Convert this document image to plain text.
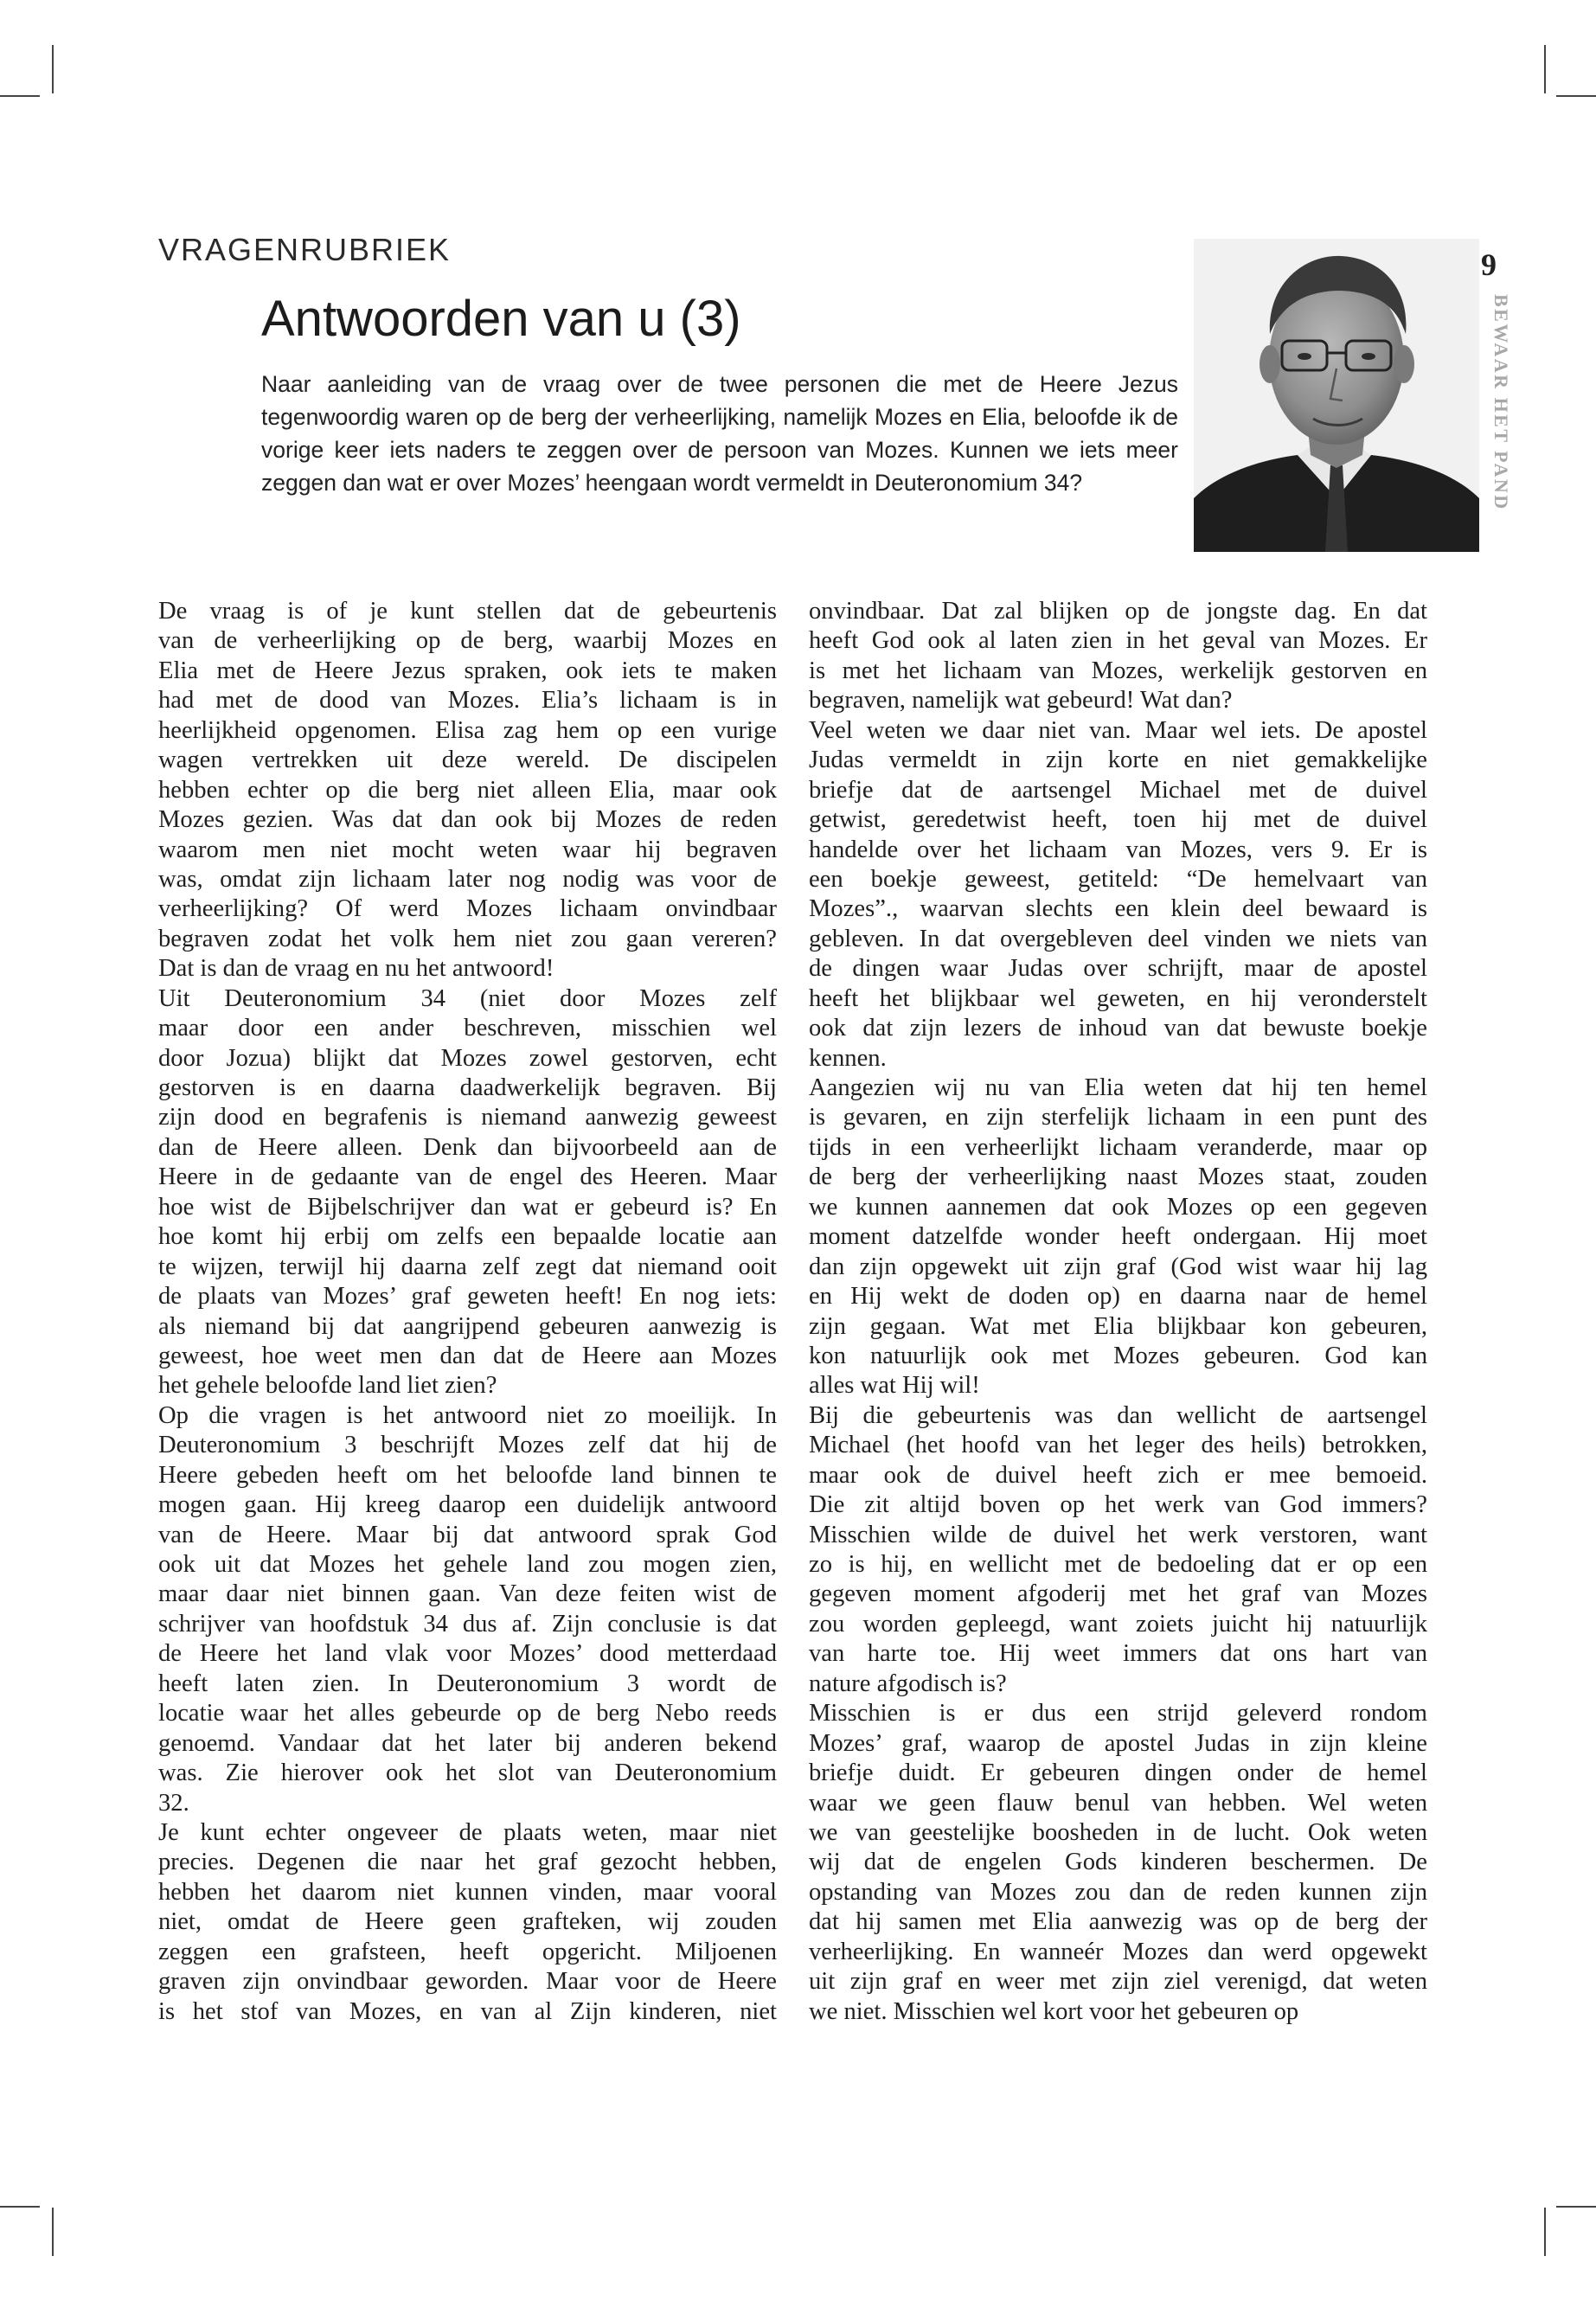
VRAGENRUBRIEK
Antwoorden van u (3)
Naar aanleiding van de vraag over de twee personen die met de Heere Jezus tegenwoordig waren op de berg der verheerlijking, namelijk Mozes en Elia, beloofde ik de vorige keer iets naders te zeggen over de persoon van Mozes. Kunnen we iets meer zeggen dan wat er over Mozes’ heengaan wordt vermeldt in Deuteronomium 34?
9
BEWAAR HET PAND
De vraag is of je kunt stellen dat de gebeurtenis
van de verheerlijking op de berg, waarbij Mozes en
Elia met de Heere Jezus spraken, ook iets te maken
had met de dood van Mozes. Elia’s lichaam is in
heerlijkheid opgenomen. Elisa zag hem op een vurige
wagen vertrekken uit deze wereld. De discipelen
hebben echter op die berg niet alleen Elia, maar ook
Mozes gezien. Was dat dan ook bij Mozes de reden
waarom men niet mocht weten waar hij begraven
was, omdat zijn lichaam later nog nodig was voor de
verheerlijking? Of werd Mozes lichaam onvindbaar
begraven zodat het volk hem niet zou gaan vereren?
Dat is dan de vraag en nu het antwoord!
Uit Deuteronomium 34 (niet door Mozes zelf
maar door een ander beschreven, misschien wel
door Jozua) blijkt dat Mozes zowel gestorven, echt
gestorven is en daarna daadwerkelijk begraven. Bij
zijn dood en begrafenis is niemand aanwezig geweest
dan de Heere alleen. Denk dan bijvoorbeeld aan de
Heere in de gedaante van de engel des Heeren. Maar
hoe wist de Bijbelschrijver dan wat er gebeurd is? En
hoe komt hij erbij om zelfs een bepaalde locatie aan
te wijzen, terwijl hij daarna zelf zegt dat niemand ooit
de plaats van Mozes’ graf geweten heeft! En nog iets:
als niemand bij dat aangrijpend gebeuren aanwezig is
geweest, hoe weet men dan dat de Heere aan Mozes
het gehele beloofde land liet zien?
Op die vragen is het antwoord niet zo moeilijk. In
Deuteronomium 3 beschrijft Mozes zelf dat hij de
Heere gebeden heeft om het beloofde land binnen te
mogen gaan. Hij kreeg daarop een duidelijk antwoord
van de Heere. Maar bij dat antwoord sprak God
ook uit dat Mozes het gehele land zou mogen zien,
maar daar niet binnen gaan. Van deze feiten wist de
schrijver van hoofdstuk 34 dus af. Zijn conclusie is dat
de Heere het land vlak voor Mozes’ dood metterdaad
heeft laten zien. In Deuteronomium 3 wordt de
locatie waar het alles gebeurde op de berg Nebo reeds
genoemd. Vandaar dat het later bij anderen bekend
was. Zie hierover ook het slot van Deuteronomium
32.
Je kunt echter ongeveer de plaats weten, maar niet
precies. Degenen die naar het graf gezocht hebben,
hebben het daarom niet kunnen vinden, maar vooral
niet, omdat de Heere geen grafteken, wij zouden
zeggen een grafsteen, heeft opgericht. Miljoenen
graven zijn onvindbaar geworden. Maar voor de Heere
is het stof van Mozes, en van al Zijn kinderen, niet
onvindbaar. Dat zal blijken op de jongste dag. En dat
heeft God ook al laten zien in het geval van Mozes. Er
is met het lichaam van Mozes, werkelijk gestorven en
begraven, namelijk wat gebeurd! Wat dan?
Veel weten we daar niet van. Maar wel iets. De apostel
Judas vermeldt in zijn korte en niet gemakkelijke
briefje dat de aartsengel Michael met de duivel
getwist, geredetwist heeft, toen hij met de duivel
handelde over het lichaam van Mozes, vers 9. Er is
een boekje geweest, getiteld: “De hemelvaart van
Mozes”., waarvan slechts een klein deel bewaard is
gebleven. In dat overgebleven deel vinden we niets van
de dingen waar Judas over schrijft, maar de apostel
heeft het blijkbaar wel geweten, en hij veronderstelt
ook dat zijn lezers de inhoud van dat bewuste boekje
kennen.
Aangezien wij nu van Elia weten dat hij ten hemel
is gevaren, en zijn sterfelijk lichaam in een punt des
tijds in een verheerlijkt lichaam veranderde, maar op
de berg der verheerlijking naast Mozes staat, zouden
we kunnen aannemen dat ook Mozes op een gegeven
moment datzelfde wonder heeft ondergaan. Hij moet
dan zijn opgewekt uit zijn graf (God wist waar hij lag
en Hij wekt de doden op) en daarna naar de hemel
zijn gegaan. Wat met Elia blijkbaar kon gebeuren,
kon natuurlijk ook met Mozes gebeuren. God kan
alles wat Hij wil!
Bij die gebeurtenis was dan wellicht de aartsengel
Michael (het hoofd van het leger des heils) betrokken,
maar ook de duivel heeft zich er mee bemoeid.
Die zit altijd boven op het werk van God immers?
Misschien wilde de duivel het werk verstoren, want
zo is hij, en wellicht met de bedoeling dat er op een
gegeven moment afgoderij met het graf van Mozes
zou worden gepleegd, want zoiets juicht hij natuurlijk
van harte toe. Hij weet immers dat ons hart van
nature afgodisch is?
Misschien is er dus een strijd geleverd rondom
Mozes’ graf, waarop de apostel Judas in zijn kleine
briefje duidt. Er gebeuren dingen onder de hemel
waar we geen flauw benul van hebben. Wel weten
we van geestelijke boosheden in de lucht. Ook weten
wij dat de engelen Gods kinderen beschermen. De
opstanding van Mozes zou dan de reden kunnen zijn
dat hij samen met Elia aanwezig was op de berg der
verheerlijking. En wanneér Mozes dan werd opgewekt
uit zijn graf en weer met zijn ziel verenigd, dat weten
we niet. Misschien wel kort voor het gebeuren op
